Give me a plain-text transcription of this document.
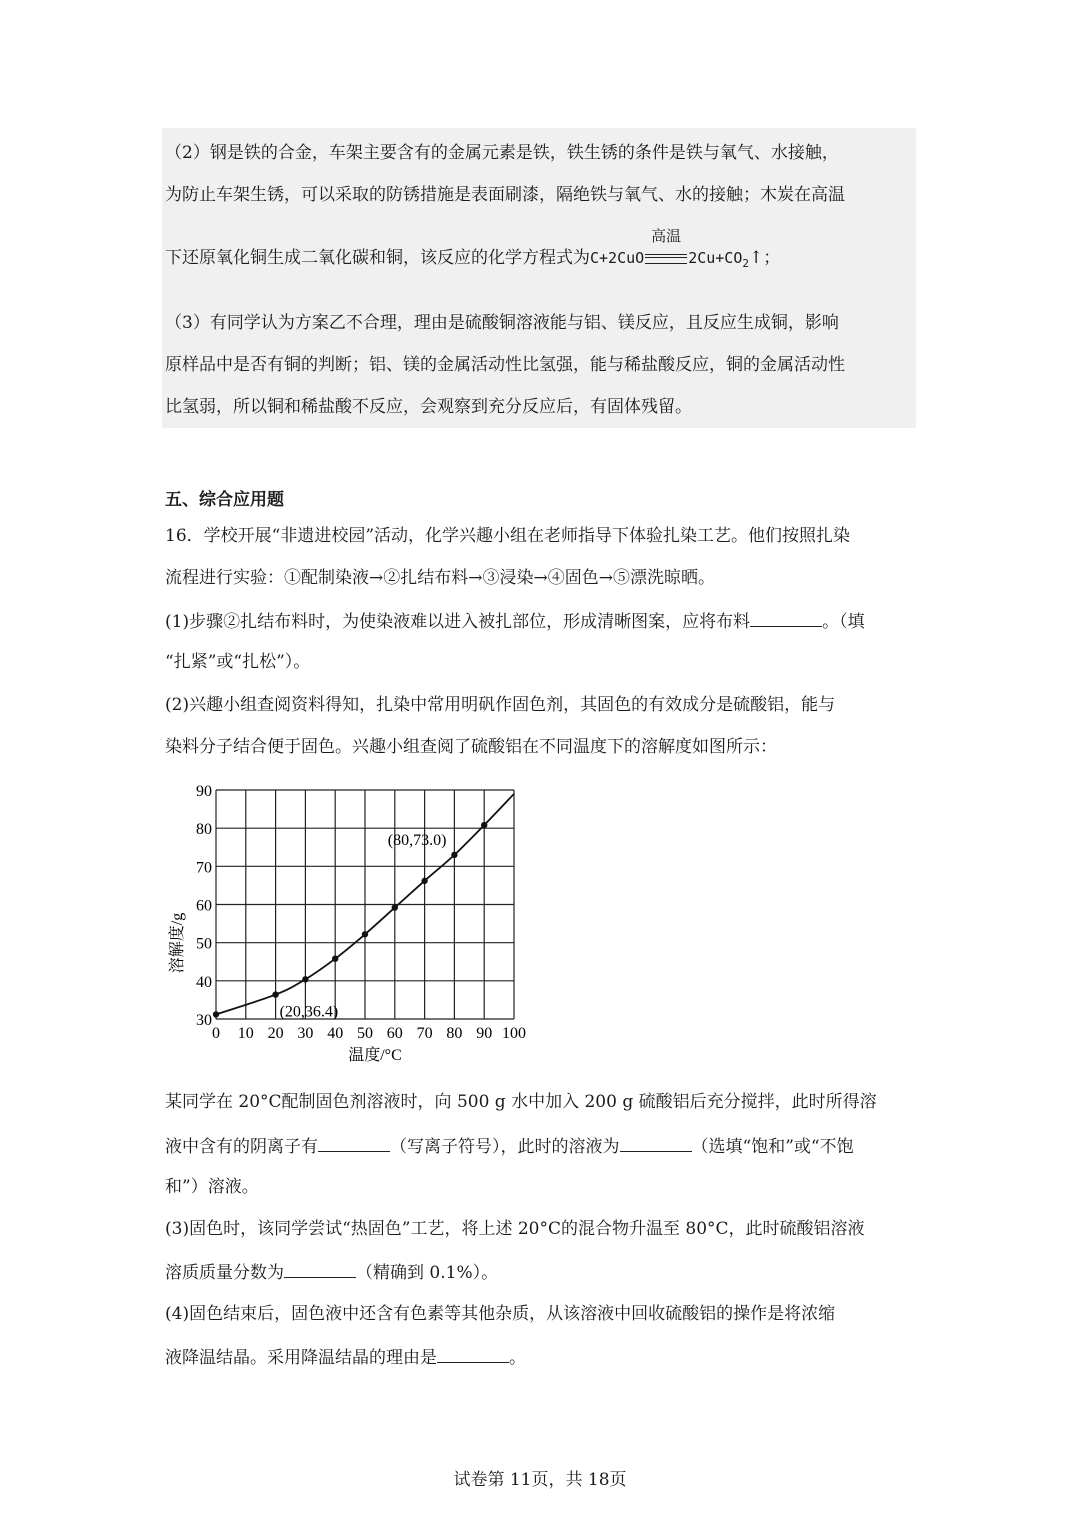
（2）钢是铁的合金，车架主要含有的金属元素是铁，铁生锈的条件是铁与氧气、水接触，
为防止车架生锈，可以采取的防锈措施是表面刷漆，隔绝铁与氧气、水的接触；木炭在高温
下还原氧化铜生成二氧化碳和铜，该反应的化学方程式为C+2CuO
高温
$2Cu+CO_2↑$；
（3）有同学认为方案乙不合理，理由是硫酸铜溶液能与铝、镁反应，且反应生成铜，影响
原样品中是否有铜的判断；铝、镁的金属活动性比氢强，能与稀盐酸反应，铜的金属活动性
比氢弱，所以铜和稀盐酸不反应，会观察到充分反应后，有固体残留。
五、综合应用题
16．学校开展“非遗进校园”活动，化学兴趣小组在老师指导下体验扎染工艺。他们按照扎染
流程进行实验：①配制染液→②扎结布料→③浸染→④固色→⑤漂洗晾晒。
(1)步骤②扎结布料时，为使染液难以进入被扎部位，形成清晰图案，应将布料	。（填
“扎紧”或“扎松”）。
(2)兴趣小组查阅资料得知，扎染中常用明矾作固色剂，其固色的有效成分是硫酸铝，能与
染料分子结合便于固色。兴趣小组查阅了硫酸铝在不同温度下的溶解度如图所示：
0 10 20 30 40 50 60 70 80 90 100
30
40
50
60
70
80
90
(80,73.0)
(20,36.4)
温度/°C
溶解度/g
某同学在 20°C配制固色剂溶液时，向 500 g 水中加入 200 g 硫酸铝后充分搅拌，此时所得溶
液中含有的阴离子有	（写离子符号），此时的溶液为	（选填“饱和”或“不饱
和”）溶液。
(3)固色时，该同学尝试“热固色”工艺，将上述 20°C的混合物升温至 80°C，此时硫酸铝溶液
溶质质量分数为	（精确到 0.1%）。
(4)固色结束后，固色液中还含有色素等其他杂质，从该溶液中回收硫酸铝的操作是将浓缩
液降温结晶。采用降温结晶的理由是	。
试卷第 11页，共 18页
